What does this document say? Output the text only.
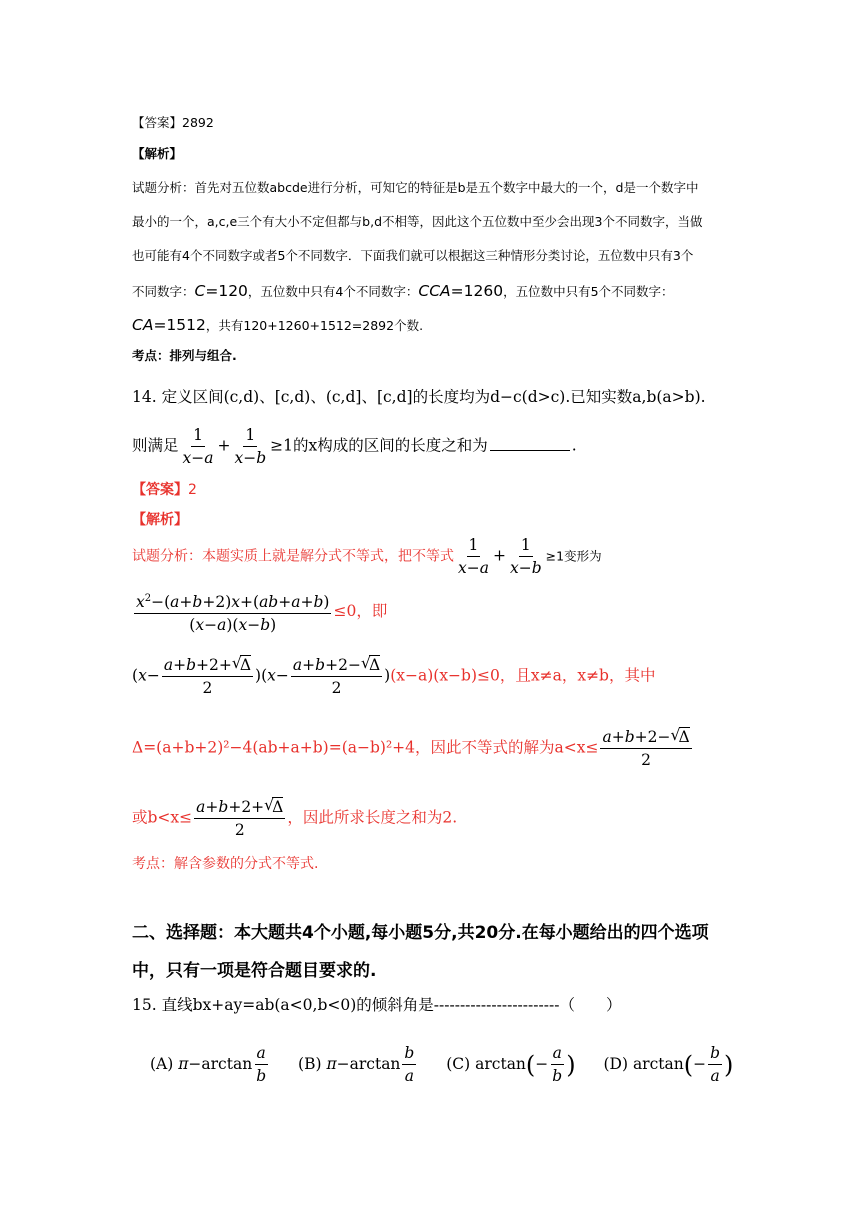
【答案】2892
【解析】
试题分析：首先对五位数abcde进行分析，可知它的特征是b是五个数字中最大的一个，d是一个数字中
最小的一个，a,c,e三个有大小不定但都与b,d不相等，因此这个五位数中至少会出现3个不同数字，当做
也可能有4个不同数字或者5个不同数字．下面我们就可以根据这三种情形分类讨论，五位数中只有3个
不同数字：C=120，五位数中只有4个不同数字：CCA=1260，五位数中只有5个不同数字：
CA=1512，共有120+1260+1512=2892个数.
考点：排列与组合.
14. 定义区间(c,d)、[c,d)、(c,d]、[c,d]的长度均为d−c(d>c).已知实数a,b(a>b).
则满足 $\frac{1}{x-a} + \frac{1}{x-b} \ge 1$的x构成的区间的长度之和为	.
【答案】2
【解析】
试题分析：本题实质上就是解分式不等式，把不等式 $\frac{1}{x-a} + \frac{1}{x-b} \ge 1$变形为
$\frac{x^2-(a+b+2)x+(ab+a+b)}{(x-a)(x-b)} \le 0$，即
$(x- \frac{a+b+2+ √ \Delta}{2} )(x- \frac{a+b+2- √ \Delta}{2} )(x-a)(x-b)\le 0$，且x≠a，x≠b，其中
Δ=(a+b+2)²−4(ab+a+b)=(a−b)²+4，因此不等式的解为$a<x\le \frac{a+b+2- √ \Delta}{2}$
或$b<x\le \frac{a+b+2+ √ \Delta}{2}$ ，因此所求长度之和为2.
考点：解含参数的分式不等式.
二、选择题：本大题共4个小题,每小题5分,共20分.在每小题给出的四个选项
中，只有一项是符合题目要求的.
15. 直线bx+ay=ab(a<0,b<0)的倾斜角是------------------------（　　）
(A) $\pi-\arctan \frac{a}{b} (B)$ $\pi-\arctan \frac{b}{a} (C)$ $\arctan(- \frac{a}{b}$ ) (D) $\arctan(- \frac{b}{a}$ )
